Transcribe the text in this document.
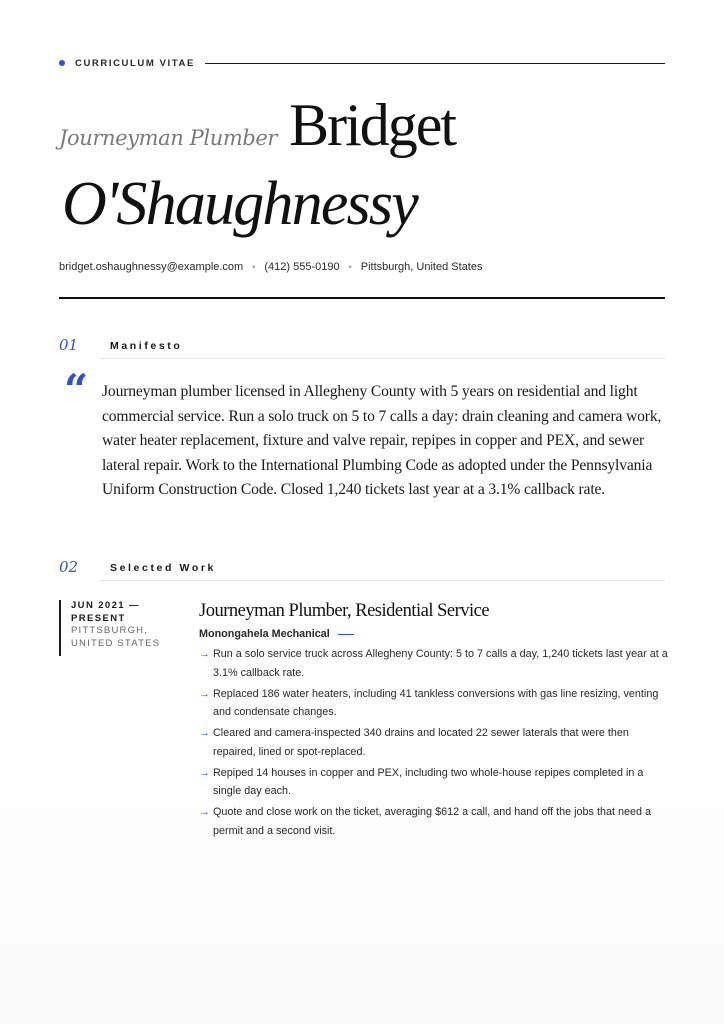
CURRICULUM VITAE
Journeyman Plumber Bridget
O'Shaughnessy
bridget.oshaughnessy@example.com • (412) 555-0190 • Pittsburgh, United States
01	Manifesto
“ Journeyman plumber licensed in Allegheny County with 5 years on residential and light commercial service. Run a solo truck on 5 to 7 calls a day: drain cleaning and camera work, water heater replacement, fixture and valve repair, repipes in copper and PEX, and sewer lateral repair. Work to the International Plumbing Code as adopted under the Pennsylvania Uniform Construction Code. Closed 1,240 tickets last year at a 3.1% callback rate.

02	Selected Work
JUN 2021 —
PRESENT
PITTSBURGH,
UNITED STATES
Journeyman Plumber, Residential Service
Monongahela Mechanical
→ Run a solo service truck across Allegheny County: 5 to 7 calls a day, 1,240 tickets last year at a 3.1% callback rate.
→ Replaced 186 water heaters, including 41 tankless conversions with gas line resizing, venting and condensate changes.
→ Cleared and camera-inspected 340 drains and located 22 sewer laterals that were then repaired, lined or spot-replaced.
→ Repiped 14 houses in copper and PEX, including two whole-house repipes completed in a single day each.
→ Quote and close work on the ticket, averaging $612 a call, and hand off the jobs that need a permit and a second visit.
